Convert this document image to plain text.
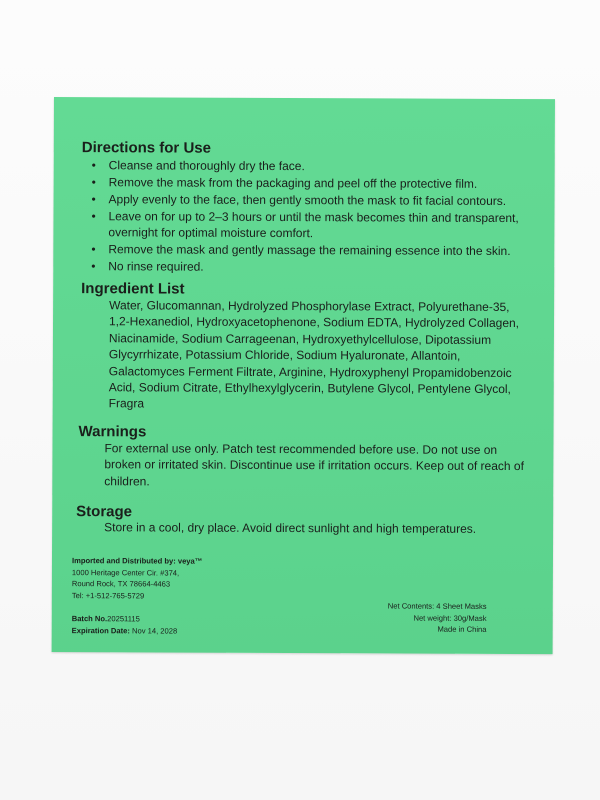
Directions for Use
• Cleanse and thoroughly dry the face.
• Remove the mask from the packaging and peel off the protective film.
• Apply evenly to the face, then gently smooth the mask to fit facial contours.
• Leave on for up to 2–3 hours or until the mask becomes thin and transparent, overnight for optimal moisture comfort.
• Remove the mask and gently massage the remaining essence into the skin.
• No rinse required.
Ingredient List

Water, Glucomannan, Hydrolyzed Phosphorylase Extract, Polyurethane-35, 1,2-Hexanediol, Hydroxyacetophenone, Sodium EDTA, Hydrolyzed Collagen, Niacinamide, Sodium Carrageenan, Hydroxyethylcellulose, Dipotassium Glycyrrhizate, Potassium Chloride, Sodium Hyaluronate, Allantoin, Galactomyces Ferment Filtrate, Arginine, Hydroxyphenyl Propamidobenzoic Acid, Sodium Citrate, Ethylhexylglycerin, Butylene Glycol, Pentylene Glycol, Fragra

Warnings

For external use only. Patch test recommended before use. Do not use on broken or irritated skin. Discontinue use if irritation occurs. Keep out of reach of children.

Storage

Store in a cool, dry place. Avoid direct sunlight and high temperatures.

Imported and Distributed by: veya™
1000 Heritage Center Cir. #374,
Round Rock, TX 78664-4463
Tel: +1-512-765-5729
Batch No.20251115
Expiration Date: Nov 14, 2028
Net Contents: 4 Sheet Masks
Net weight: 30g/Mask
Made in China
